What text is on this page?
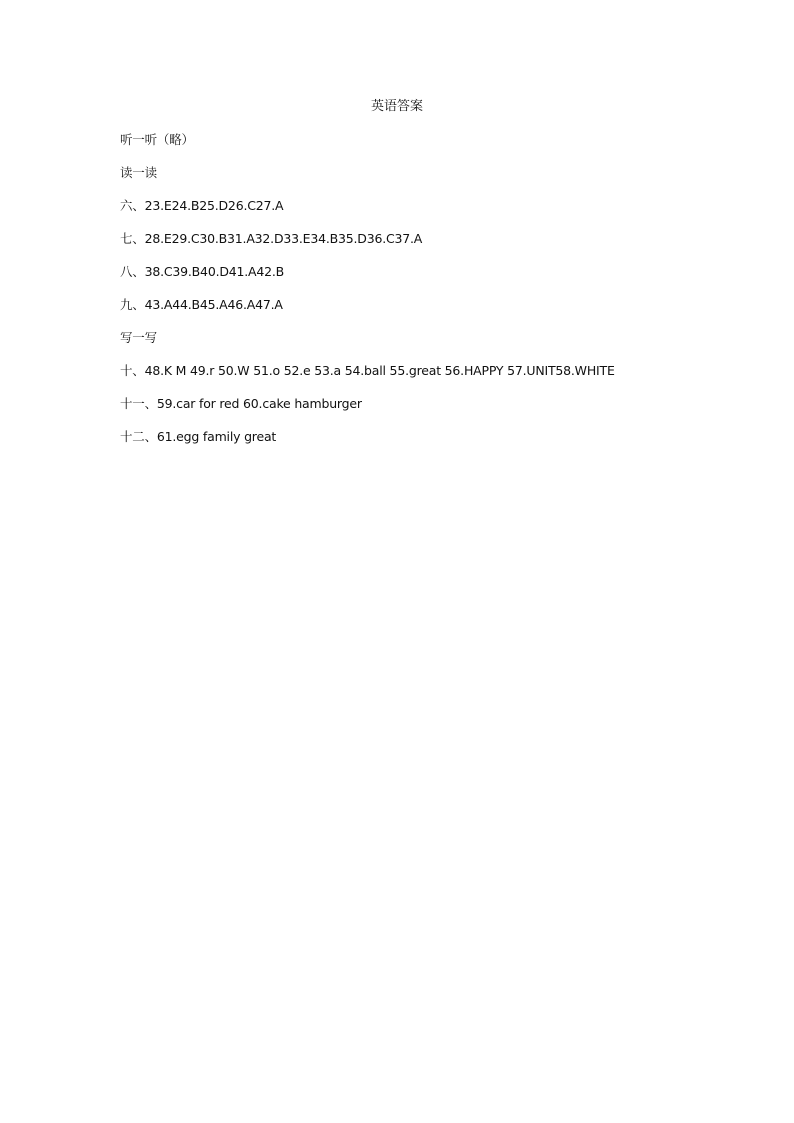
英语答案
听一听（略）
读一读
六、23.E24.B25.D26.C27.A
七、28.E29.C30.B31.A32.D33.E34.B35.D36.C37.A
八、38.C39.B40.D41.A42.B
九、43.A44.B45.A46.A47.A
写一写
十、48.K M 49.r 50.W 51.o 52.e 53.a 54.ball 55.great 56.HAPPY 57.UNIT58.WHITE
十一、59.car for red 60.cake hamburger
十二、61.egg family great
